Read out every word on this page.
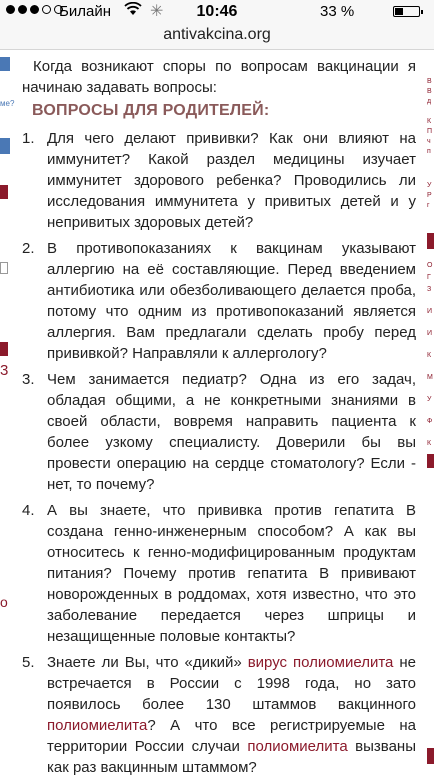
Билайн ✳	10:46	33 %
antivakcina.org
ме?
3
о
В
В
д
К
П
ч
п
У
Р
г
О
Г
З
И
И
К
М
У
Ф
К

Когда возникают споры по вопросам вакцинации я начинаю задавать вопросы:

ВОПРОСЫ ДЛЯ РОДИТЕЛЕЙ:
1. Для чего делают прививки? Как они влияют на иммунитет? Какой раздел медицины изучает иммунитет здорового ребенка? Проводились ли исследования иммунитета у привитых детей и у непривитых здоровых детей?
2. В противопоказаниях к вакцинам указывают аллергию на её составляющие. Перед введением антибиотика или обезболивающего делается проба, потому что одним из противопоказаний является аллергия. Вам предлагали сделать пробу перед прививкой? Направляли к аллергологу?
3. Чем занимается педиатр? Одна из его задач, обладая общими, а не конкретными знаниями в своей области, вовремя направить пациента к более узкому специалисту. Доверили бы вы провести операцию на сердце стоматологу? Если - нет, то почему?
4. А вы знаете, что прививка против гепатита В создана генно-инженерным способом? А как вы относитесь к генно-модифицированным продуктам питания? Почему против гепатита В прививают новорожденных в роддомах, хотя известно, что это заболевание передается через шприцы и незащищенные половые контакты?
5. Знаете ли Вы, что «дикий» вирус полиомиелита не встречается в России с 1998 года, но зато появилось более 130 штаммов вакцинного полиомиелита? А что все регистрируемые на территории России случаи полиомиелита вызваны как раз вакцинным штаммом?
